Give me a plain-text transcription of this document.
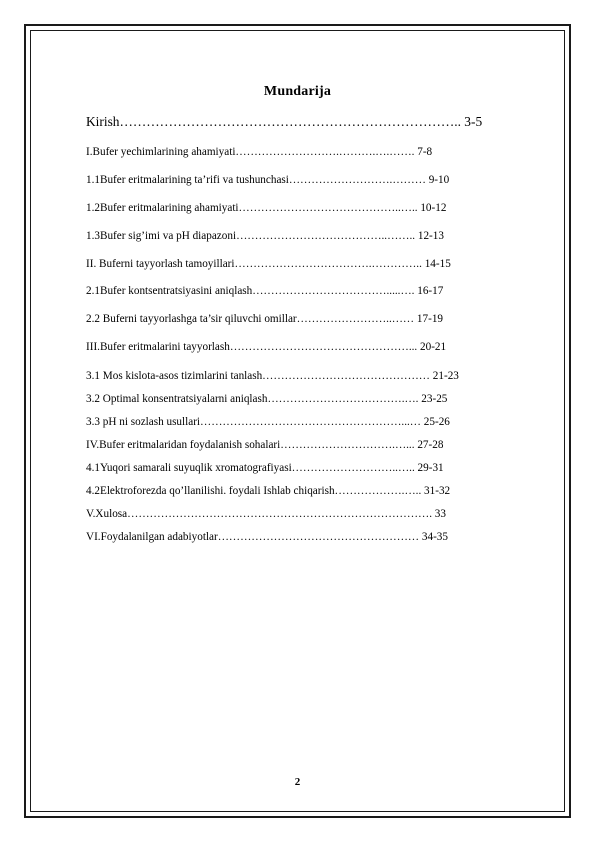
Mundarija
Kirish………………………………………………………………….. 3-5
I.Bufer yechimlarining ahamiyati……………………….……….….……. 7-8
1.1Bufer eritmalarining ta’rifi va tushunchasi……………………….……… 9-10
1.2Bufer eritmalarining ahamiyati……………………………………..….. 10-12
1.3Bufer sig’imi va pH diapazoni…………………………………..…….. 12-13
II. Buferni tayyorlash tamoyillari……………………………….………….. 14-15
2.1Bufer kontsentratsiyasini aniqlash……………………………….....…. 16-17
2.2 Buferni tayyorlashga ta’sir qiluvchi omillar……………………..…… 17-19
III.Bufer eritmalarini tayyorlash…………………………………………... 20-21
3.1 Mos kislota-asos tizimlarini tanlash……………………………………… 21-23
3.2 Optimal konsentratsiyalarni aniqlash……………………………….…. 23-25
3.3 pH ni sozlash usullari………………………………………………...… 25-26
IV.Bufer eritmalaridan foydalanish sohalari………………………….…... 27-28
4.1Yuqori samarali suyuqlik xromatografiyasi………………………..….. 29-31
4.2Elektroforezda qo’llanilishi. foydali Ishlab chiqarish……………….….. 31-32
V.Xulosa………………………………………………………………………. 33
VI.Foydalanilgan adabiyotlar……………………………………………… 34-35
2
